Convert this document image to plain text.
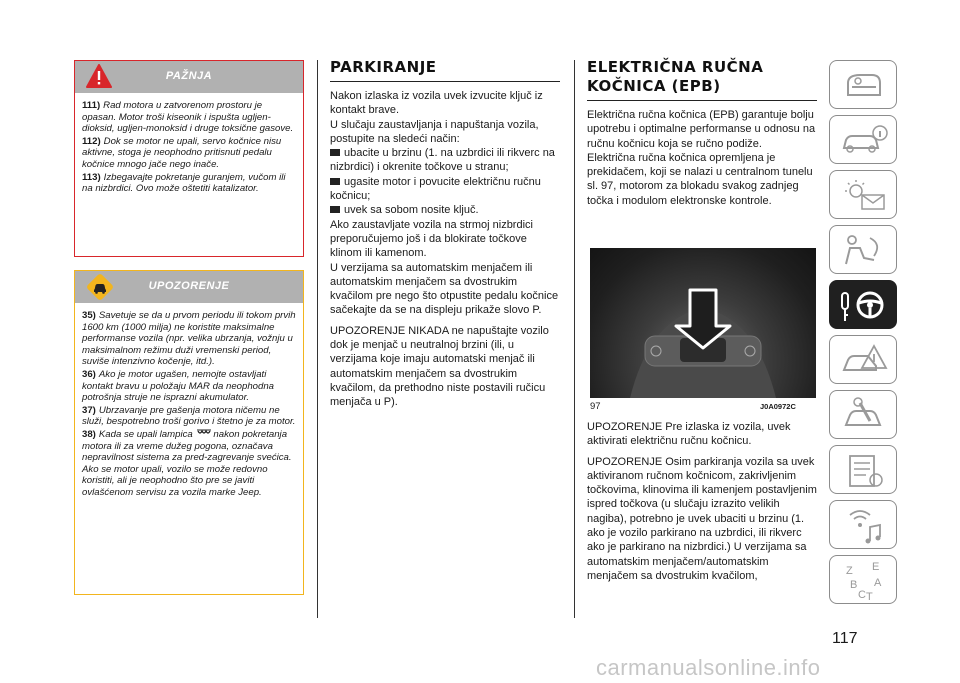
PAŽNJA

111) Rad motora u zatvorenom prostoru je opasan. Motor troši kiseonik i ispušta ugljen-dioksid, ugljen-monoksid i druge toksične gasove.

112) Dok se motor ne upali, servo kočnice nisu aktivne, stoga je neophodno pritisnuti pedalu kočnice mnogo jače nego inače.

113) Izbegavajte pokretanje guranjem, vučom ili na nizbrdici. Ovo može oštetiti katalizator.

UPOZORENJE

35) Savetuje se da u prvom periodu ili tokom prvih 1600 km (1000 milja) ne koristite maksimalne performanse vozila (npr. velika ubrzanja, vožnju u maksimalnom režimu duži vremenski period, suviše intenzivno kočenje, itd.).

36) Ako je motor ugašen, nemojte ostavljati kontakt bravu u položaju MAR da neophodna potrošnja struje ne isprazni akumulator.

37) Ubrzavanje pre gašenja motora ničemu ne služi, bespotrebno troši gorivo i štetno je za motor.

38) Kada se upali lampica nakon pokretanja motora ili za vreme dužeg pogona, označava nepravilnost sistema za pred-zagrevanje svećica. Ako se motor upali, vozilo se može redovno koristiti, ali je neophodno što pre se javiti ovlašćenom servisu za vozila marke Jeep.

PARKIRANJE

Nakon izlaska iz vozila uvek izvucite ključ iz kontakt brave.

U slučaju zaustavljanja i napuštanja vozila, postupite na sledeći način:

ubacite u brzinu (1. na uzbrdici ili rikverc na nizbrdici) i okrenite točkove u stranu;
ugasite motor i povucite električnu ručnu kočnicu;
uvek sa sobom nosite ključ.

Ako zaustavljate vozila na strmoj nizbrdici preporučujemo još i da blokirate točkove klinom ili kamenom.

U verzijama sa automatskim menjačem ili automatskim menjačem sa dvostrukim kvačilom pre nego što otpustite pedalu kočnice sačekajte da se na displeju prikaže slovo P.

UPOZORENJE NIKADA ne napuštajte vozilo dok je menjač u neutralnoj brzini (ili, u verzijama koje imaju automatski menjač ili automatskim menjačem sa dvostrukim kvačilom, da prethodno niste postavili ručicu menjača u P).

ELEKTRIČNA RUČNA
KOČNICA (EPB)

Električna ručna kočnica (EPB) garantuje bolju upotrebu i optimalne performanse u odnosu na ručnu kočnicu koja se ručno podiže.

Električna ručna kočnica opremljena je prekidačem, koji se nalazi u centralnom tunelu sl. 97, motorom za blokadu svakog zadnjeg točka i modulom elektronske kontrole.

97	J0A0972C

UPOZORENJE Pre izlaska iz vozila, uvek aktivirati električnu ručnu kočnicu.

UPOZORENJE Osim parkiranja vozila sa uvek aktiviranom ručnom kočnicom, zakrivljenim točkovima, klinovima ili kamenjem postavljenim ispred točkova (u slučaju izrazito velikih nagiba), potrebno je uvek ubaciti u brzinu (1. ako je vozilo parkirano na uzbrdici, ili rikverc ako je parkirano na nizbrdici.) U verzijama sa automatskim menjačem/automatskim menjačem sa dvostrukim kvačilom,	Z E
B A
C T
117
carmanualsonline.info
